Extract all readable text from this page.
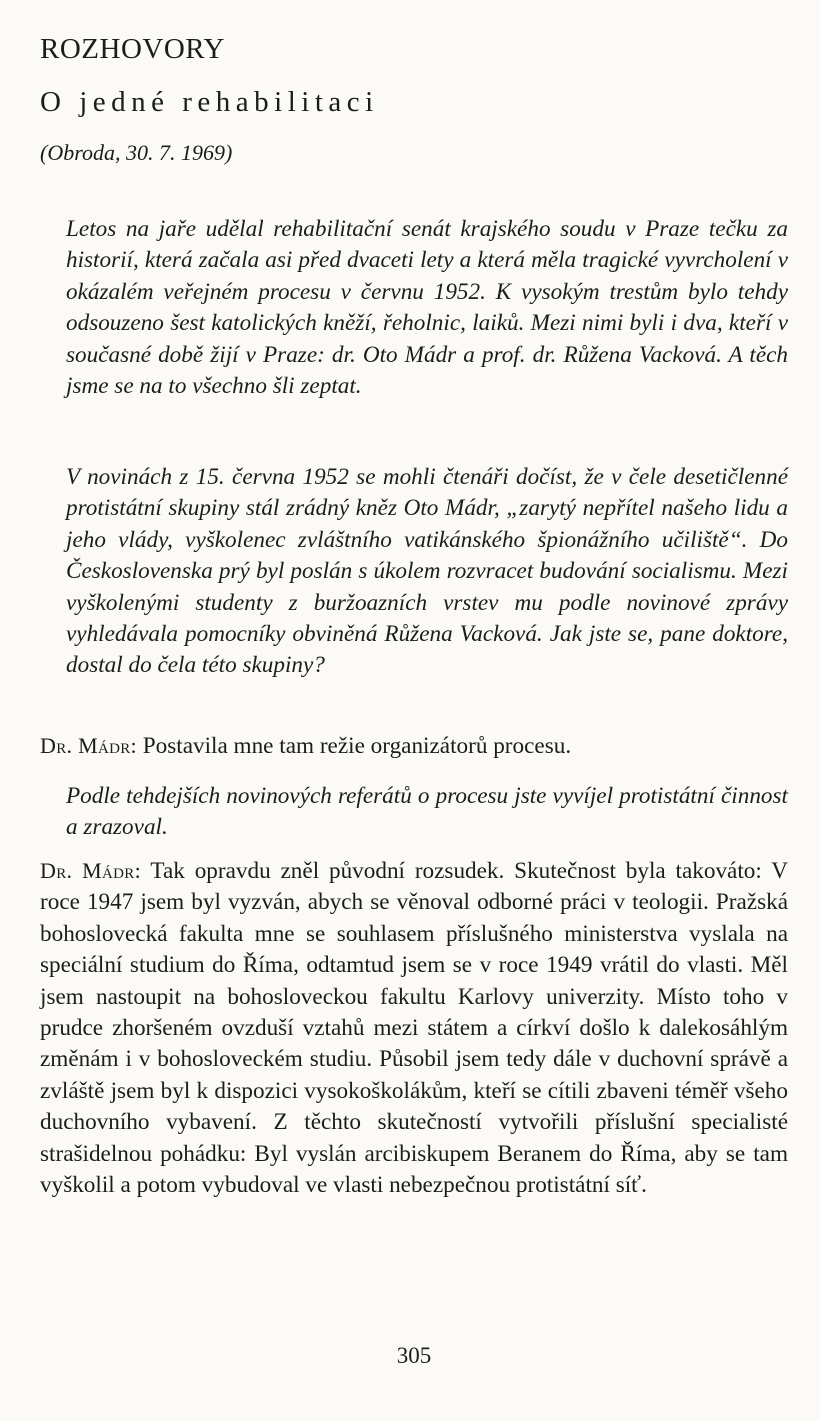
ROZHOVORY
O jedné rehabilitaci
(Obroda, 30. 7. 1969)

Letos na jaře udělal rehabilitační senát krajského soudu v Praze tečku za historií, která začala asi před dvaceti lety a která měla tragické vyvrcholení v okázalém veřejném procesu v červnu 1952. K vysokým trestům bylo tehdy odsouzeno šest katolických kněží, řeholnic, laiků. Mezi nimi byli i dva, kteří v současné době žijí v Praze: dr. Oto Mádr a prof. dr. Růžena Vacková. A těch jsme se na to všechno šli zeptat.

V novinách z 15. června 1952 se mohli čtenáři dočíst, že v čele desetičlenné protistátní skupiny stál zrádný kněz Oto Mádr, „zarytý nepřítel našeho lidu a jeho vlády, vyškolenec zvláštního vatikánského špionážního učiliště“. Do Československa prý byl poslán s úkolem rozvracet budování socialismu. Mezi vyškolenými studenty z buržoazních vrstev mu podle novinové zprávy vyhledávala pomocníky obviněná Růžena Vacková. Jak jste se, pane doktore, dostal do čela této skupiny?

Dr. Mádr: Postavila mne tam režie organizátorů procesu.

Podle tehdejších novinových referátů o procesu jste vyvíjel protistátní činnost a zrazoval.

Dr. Mádr: Tak opravdu zněl původní rozsudek. Skutečnost byla takováto: V roce 1947 jsem byl vyzván, abych se věnoval odborné práci v teologii. Pražská bohoslovecká fakulta mne se souhlasem příslušného ministerstva vyslala na speciální studium do Říma, odtamtud jsem se v roce 1949 vrátil do vlasti. Měl jsem nastoupit na bohosloveckou fakultu Karlovy univerzity. Místo toho v prudce zhoršeném ovzduší vztahů mezi státem a církví došlo k dalekosáhlým změnám i v bohosloveckém studiu. Působil jsem tedy dále v duchovní správě a zvláště jsem byl k dispozici vysokoškolákům, kteří se cítili zbaveni téměř všeho duchovního vybavení. Z těchto skutečností vytvořili příslušní specialisté strašidelnou pohádku: Byl vyslán arcibiskupem Beranem do Říma, aby se tam vyškolil a potom vybudoval ve vlasti nebezpečnou protistátní síť.

305
